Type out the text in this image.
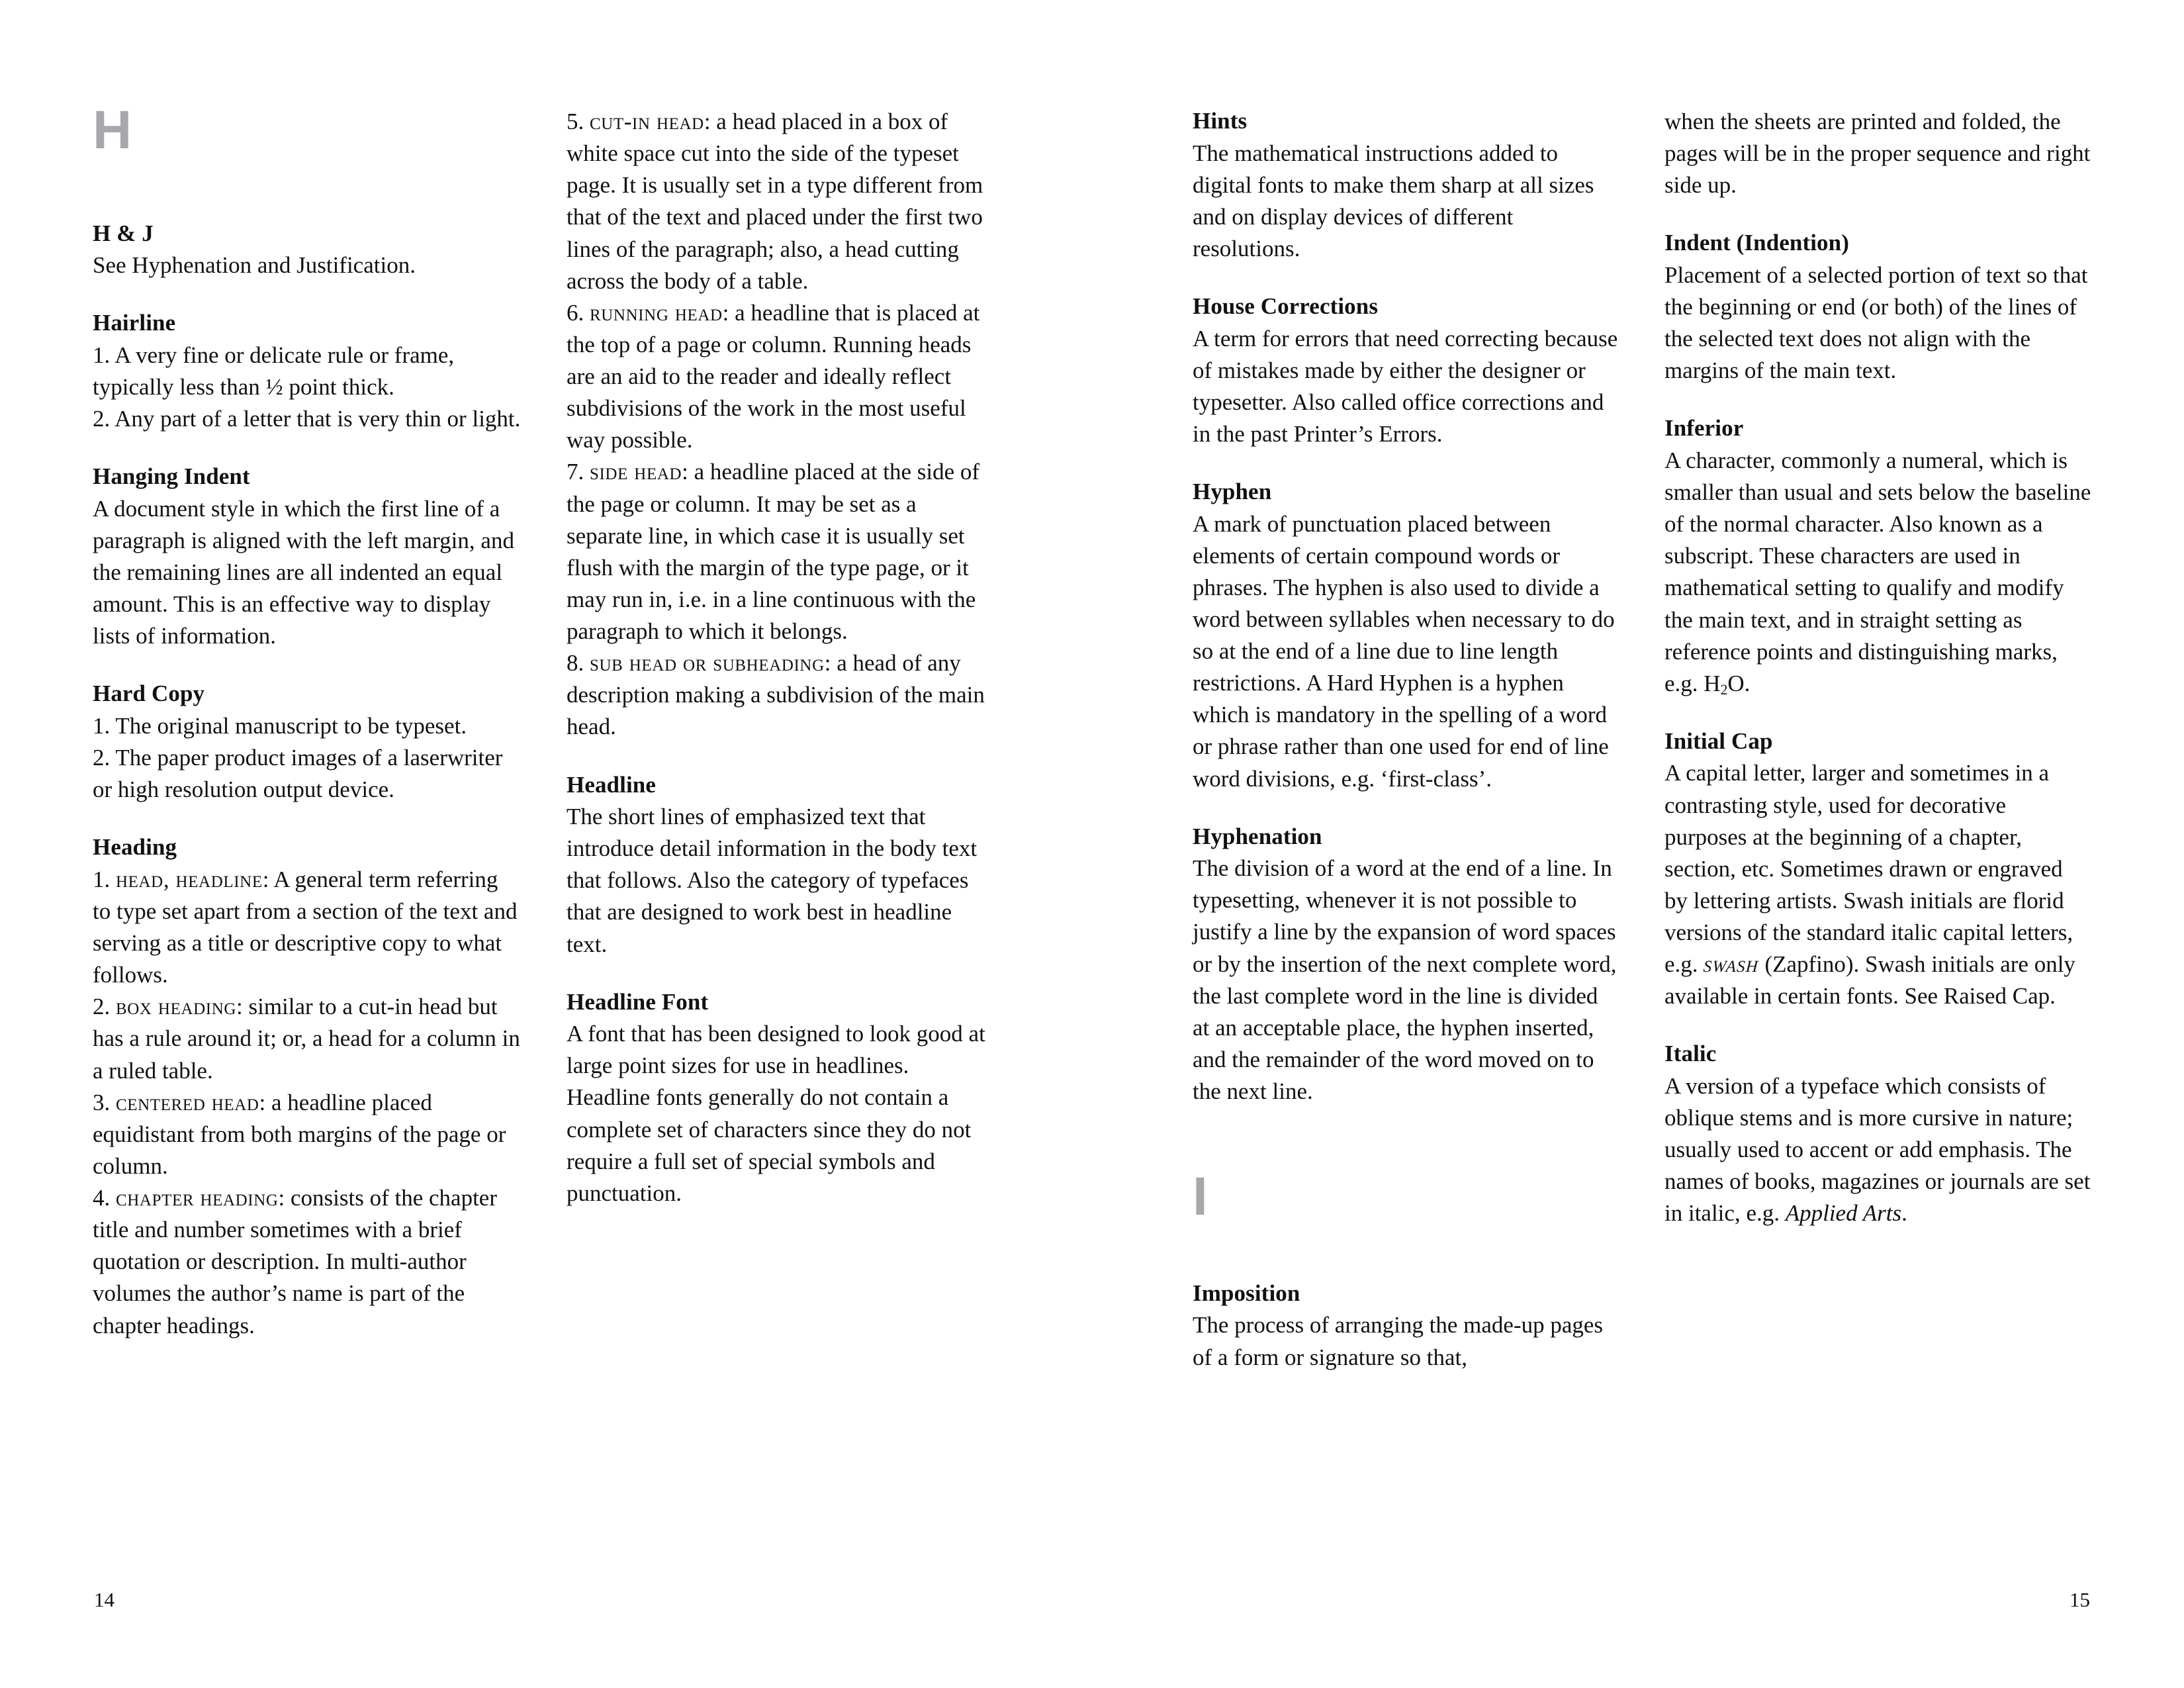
H
H & J

See Hyphenation and Justification.

Hairline

1. A very fine or delicate rule or frame, typically less than ½ point thick.

2. Any part of a letter that is very thin or light.

Hanging Indent

A document style in which the first line of a paragraph is aligned with the left margin, and the remaining lines are all indented an equal amount. This is an effective way to display lists of information.

Hard Copy

1. The original manuscript to be typeset.

2. The paper product images of a laserwriter or high resolution output device.

Heading

1. head, headline: A general term referring to type set apart from a section of the text and serving as a title or descriptive copy to what follows.

2. box heading: similar to a cut-in head but has a rule around it; or, a head for a column in a ruled table.

3. centered head: a headline placed equidistant from both margins of the page or column.

4. chapter heading: consists of the chapter title and number sometimes with a brief quotation or description. In multi-author volumes the author’s name is part of the chapter headings.

5. cut-in head: a head placed in a box of white space cut into the side of the typeset page. It is usually set in a type different from that of the text and placed under the first two lines of the paragraph; also, a head cutting across the body of a table.

6. running head: a headline that is placed at the top of a page or column. Running heads are an aid to the reader and ideally reflect subdivisions of the work in the most useful way possible.

7. side head: a headline placed at the side of the page or column. It may be set as a separate line, in which case it is usually set flush with the margin of the type page, or it may run in, i.e. in a line continuous with the paragraph to which it belongs.

8. sub head or subheading: a head of any description making a subdivision of the main head.

Headline

The short lines of emphasized text that introduce detail information in the body text that follows. Also the category of typefaces that are designed to work best in headline text.

Headline Font

A font that has been designed to look good at large point sizes for use in headlines. Headline fonts generally do not contain a complete set of characters since they do not require a full set of special symbols and punctuation.

14
Hints

The mathematical instructions added to digital fonts to make them sharp at all sizes and on display devices of different resolutions.

House Corrections

A term for errors that need correcting because of mistakes made by either the designer or typesetter. Also called office corrections and in the past Printer’s Errors.

Hyphen

A mark of punctuation placed between elements of certain compound words or phrases. The hyphen is also used to divide a word between syllables when necessary to do so at the end of a line due to line length restrictions. A Hard Hyphen is a hyphen which is mandatory in the spelling of a word or phrase rather than one used for end of line word divisions, e.g. ‘first-class’.

Hyphenation

The division of a word at the end of a line. In typesetting, whenever it is not possible to justify a line by the expansion of word spaces or by the insertion of the next complete word, the last complete word in the line is divided at an acceptable place, the hyphen inserted, and the remainder of the word moved on to the next line.

I
Imposition

The process of arranging the made-up pages of a form or signature so that,

when the sheets are printed and folded, the pages will be in the proper sequence and right side up.

Indent (Indention)

Placement of a selected portion of text so that the beginning or end (or both) of the lines of the selected text does not align with the margins of the main text.

Inferior

A character, commonly a numeral, which is smaller than usual and sets below the baseline of the normal character. Also known as a subscript. These characters are used in mathematical setting to qualify and modify the main text, and in straight setting as reference points and distinguishing marks, e.g. $H_2O$.

Initial Cap

A capital letter, larger and sometimes in a contrasting style, used for decorative purposes at the beginning of a chapter, section, etc. Sometimes drawn or engraved by lettering artists. Swash initials are florid versions of the standard italic capital letters, e.g. swash (Zapfino). Swash initials are only available in certain fonts. See Raised Cap.

Italic

A version of a typeface which consists of oblique stems and is more cursive in nature; usually used to accent or add emphasis. The names of books, magazines or journals are set in italic, e.g. Applied Arts.

15
